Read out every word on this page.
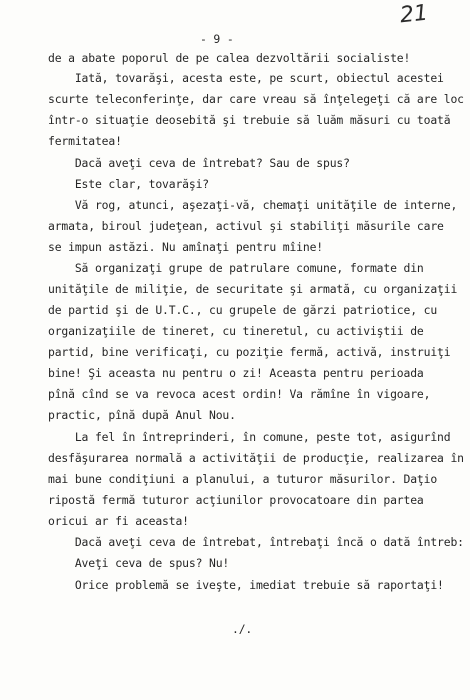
21
- 9 -
de a abate poporul de pe calea dezvoltării socialiste!
Iată, tovarăşi, acesta este, pe scurt, obiectul acestei
scurte teleconferinţe, dar care vreau să înţelegeţi că are loc
într-o situaţie deosebită şi trebuie să luăm măsuri cu toată
fermitatea!
Dacă aveţi ceva de întrebat? Sau de spus?
Este clar, tovarăşi?
Vă rog, atunci, aşezaţi-vă, chemaţi unităţile de interne,
armata, biroul judeţean, activul şi stabiliţi măsurile care
se impun astăzi. Nu amînaţi pentru mîine!
Să organizaţi grupe de patrulare comune, formate din
unităţile de miliţie, de securitate şi armată, cu organizaţii
de partid şi de U.T.C., cu grupele de gărzi patriotice, cu
organizaţiile de tineret, cu tineretul, cu activiştii de
partid, bine verificaţi, cu poziţie fermă, activă, instruiţi
bine! Şi aceasta nu pentru o zi! Aceasta pentru perioada
pînă cînd se va revoca acest ordin! Va rămîne în vigoare,
practic, pînă după Anul Nou.
La fel în întreprinderi, în comune, peste tot, asigurînd
desfăşurarea normală a activităţii de producţie, realizarea în
mai bune condiţiuni a planului, a tuturor măsurilor. Daţio
ripostă fermă tuturor acţiunilor provocatoare din partea
oricui ar fi aceasta!
Dacă aveţi ceva de întrebat, întrebaţi încă o dată întreb:
Aveţi ceva de spus? Nu!
Orice problemă se iveşte, imediat trebuie să raportaţi!
./.
